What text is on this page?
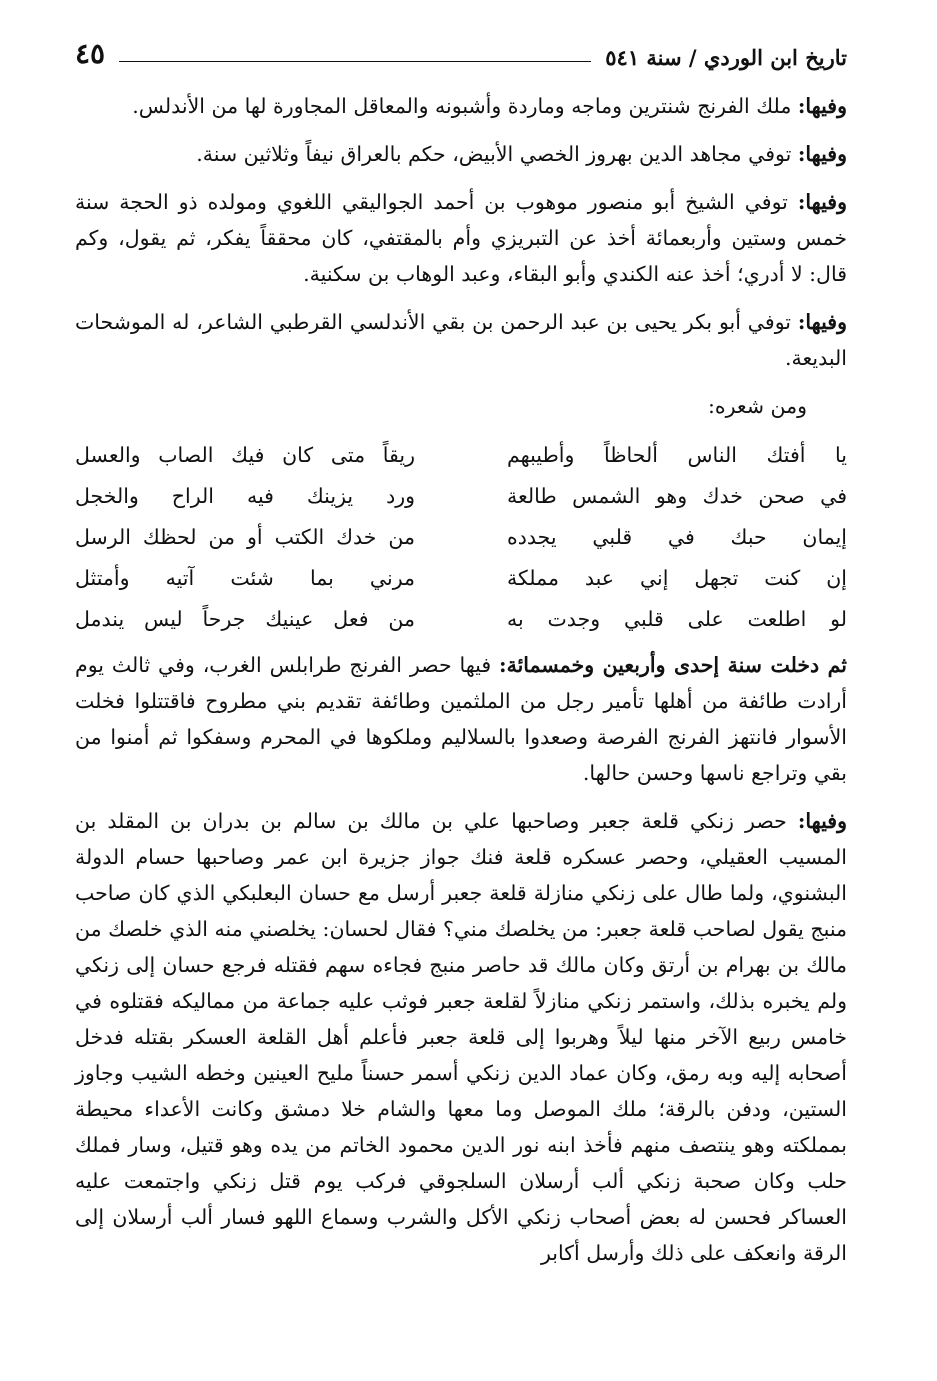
تاريخ ابن الوردي / سنة ٥٤١
٤٥

وفيها: ملك الفرنج شنترين وماجه وماردة وأشبونه والمعاقل المجاورة لها من الأندلس.

وفيها: توفي مجاهد الدين بهروز الخصي الأبيض، حكم بالعراق نيفاً وثلاثين سنة.

وفيها: توفي الشيخ أبو منصور موهوب بن أحمد الجواليقي اللغوي ومولده ذو الحجة سنة خمس وستين وأربعمائة أخذ عن التبريزي وأم بالمقتفي، كان محققاً يفكر، ثم يقول، وكم قال: لا أدري؛ أخذ عنه الكندي وأبو البقاء، وعبد الوهاب بن سكنية.

وفيها: توفي أبو بكر يحيى بن عبد الرحمن بن بقي الأندلسي القرطبي الشاعر، له الموشحات البديعة.

ومن شعره:
يا أفتك الناس ألحاظاً وأطيبهم
ريقاً متى كان فيك الصاب والعسل
في صحن خدك وهو الشمس طالعة
ورد يزينك فيه الراح والخجل
إيمان حبك في قلبي يجدده
من خدك الكتب أو من لحظك الرسل
إن كنت تجهل إني عبد مملكة
مرني بما شئت آتيه وأمتثل
لو اطلعت على قلبي وجدت به
من فعل عينيك جرحاً ليس يندمل

ثم دخلت سنة إحدى وأربعين وخمسمائة: فيها حصر الفرنج طرابلس الغرب، وفي ثالث يوم أرادت طائفة من أهلها تأمير رجل من الملثمين وطائفة تقديم بني مطروح فاقتتلوا فخلت الأسوار فانتهز الفرنج الفرصة وصعدوا بالسلاليم وملكوها في المحرم وسفكوا ثم أمنوا من بقي وتراجع ناسها وحسن حالها.

وفيها: حصر زنكي قلعة جعبر وصاحبها علي بن مالك بن سالم بن بدران بن المقلد بن المسيب العقيلي، وحصر عسكره قلعة فنك جواز جزيرة ابن عمر وصاحبها حسام الدولة البشنوي، ولما طال على زنكي منازلة قلعة جعبر أرسل مع حسان البعلبكي الذي كان صاحب منبج يقول لصاحب قلعة جعبر: من يخلصك مني؟ فقال لحسان: يخلصني منه الذي خلصك من مالك بن بهرام بن أرتق وكان مالك قد حاصر منبج فجاءه سهم فقتله فرجع حسان إلى زنكي ولم يخبره بذلك، واستمر زنكي منازلاً لقلعة جعبر فوثب عليه جماعة من مماليكه فقتلوه في خامس ربيع الآخر منها ليلاً وهربوا إلى قلعة جعبر فأعلم أهل القلعة العسكر بقتله فدخل أصحابه إليه وبه رمق، وكان عماد الدين زنكي أسمر حسناً مليح العينين وخطه الشيب وجاوز الستين، ودفن بالرقة؛ ملك الموصل وما معها والشام خلا دمشق وكانت الأعداء محيطة بمملكته وهو ينتصف منهم فأخذ ابنه نور الدين محمود الخاتم من يده وهو قتيل، وسار فملك حلب وكان صحبة زنكي ألب أرسلان السلجوقي فركب يوم قتل زنكي واجتمعت عليه العساكر فحسن له بعض أصحاب زنكي الأكل والشرب وسماع اللهو فسار ألب أرسلان إلى الرقة وانعكف على ذلك وأرسل أكابر
